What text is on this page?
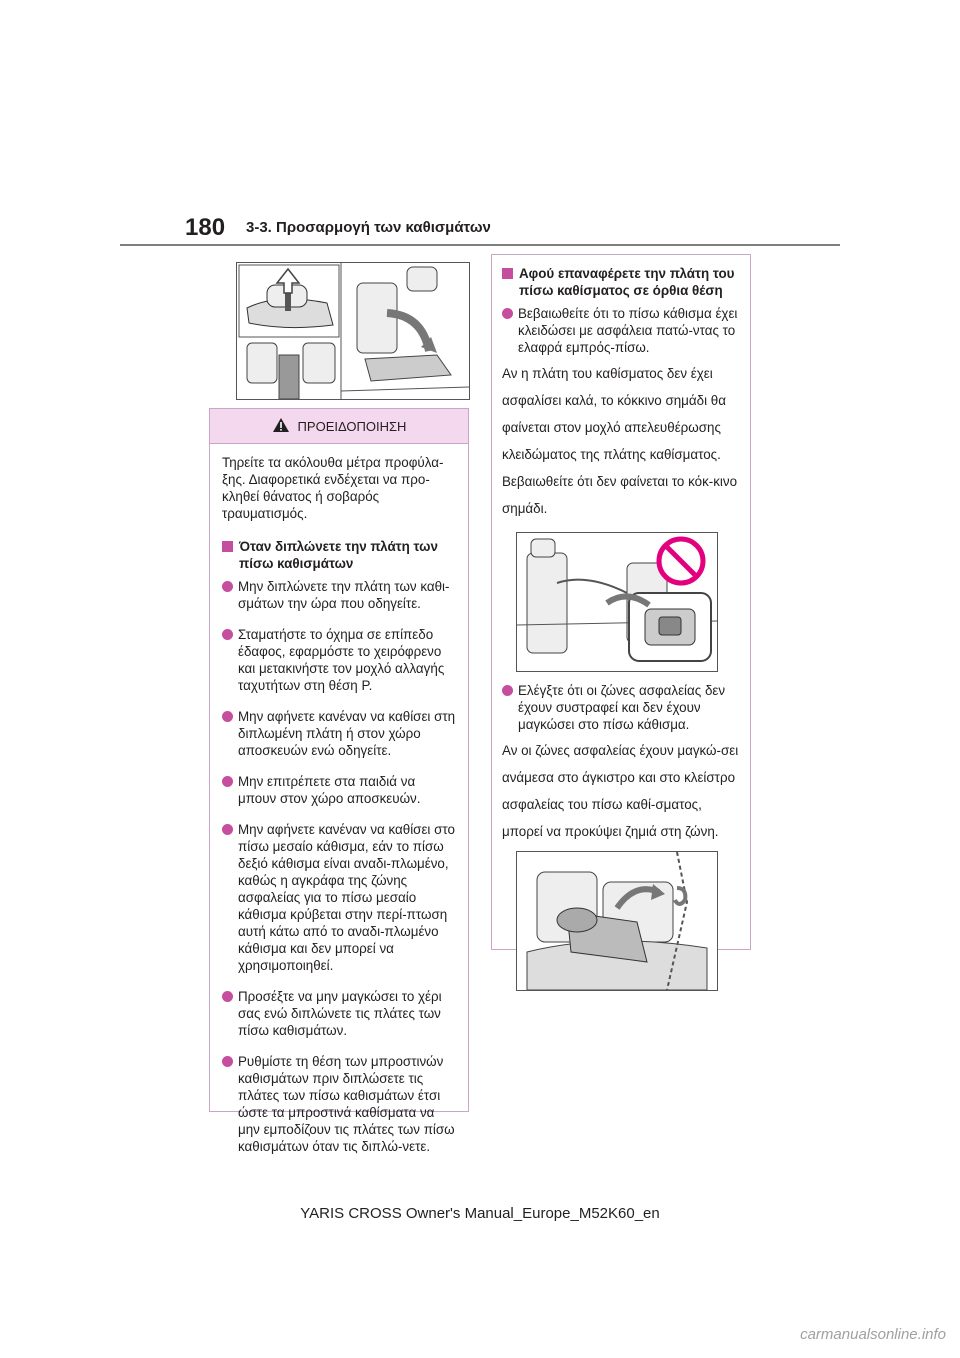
180 3-3. Προσαρμογή των καθισμάτων
ΠΡΟΕΙΔΟΠΟΙΗΣΗ
Τηρείτε τα ακόλουθα μέτρα προφύλα-ξης. Διαφορετικά ενδέχεται να προ-κληθεί θάνατος ή σοβαρός τραυματισμός.
Όταν διπλώνετε την πλάτη των πίσω καθισμάτων
Μην διπλώνετε την πλάτη των καθι-σμάτων την ώρα που οδηγείτε.
Σταματήστε το όχημα σε επίπεδο έδαφος, εφαρμόστε το χειρόφρενο και μετακινήστε τον μοχλό αλλαγής ταχυτήτων στη θέση P.
Μην αφήνετε κανέναν να καθίσει στη διπλωμένη πλάτη ή στον χώρο αποσκευών ενώ οδηγείτε.
Μην επιτρέπετε στα παιδιά να μπουν στον χώρο αποσκευών.
Μην αφήνετε κανέναν να καθίσει στο πίσω μεσαίο κάθισμα, εάν το πίσω δεξιό κάθισμα είναι αναδι-πλωμένο, καθώς η αγκράφα της ζώνης ασφαλείας για το πίσω μεσαίο κάθισμα κρύβεται στην περί-πτωση αυτή κάτω από το αναδι-πλωμένο κάθισμα και δεν μπορεί να χρησιμοποιηθεί.
Προσέξτε να μην μαγκώσει το χέρι σας ενώ διπλώνετε τις πλάτες των πίσω καθισμάτων.
Ρυθμίστε τη θέση των μπροστινών καθισμάτων πριν διπλώσετε τις πλάτες των πίσω καθισμάτων έτσι ώστε τα μπροστινά καθίσματα να μην εμποδίζουν τις πλάτες των πίσω καθισμάτων όταν τις διπλώ-νετε.
Αφού επαναφέρετε την πλάτη του πίσω καθίσματος σε όρθια θέση
Βεβαιωθείτε ότι το πίσω κάθισμα έχει κλειδώσει με ασφάλεια πατώ-ντας το ελαφρά εμπρός-πίσω.
Αν η πλάτη του καθίσματος δεν έχει ασφαλίσει καλά, το κόκκινο σημάδι θα φαίνεται στον μοχλό απελευθέρωσης κλειδώματος της πλάτης καθίσματος. Βεβαιωθείτε ότι δεν φαίνεται το κόκ-κινο σημάδι.
Ελέγξτε ότι οι ζώνες ασφαλείας δεν έχουν συστραφεί και δεν έχουν μαγκώσει στο πίσω κάθισμα.
Αν οι ζώνες ασφαλείας έχουν μαγκώ-σει ανάμεσα στο άγκιστρο και στο κλείστρο ασφαλείας του πίσω καθί-σματος, μπορεί να προκύψει ζημιά στη ζώνη.
YARIS CROSS Owner's Manual_Europe_M52K60_en
carmanualsonline.info
